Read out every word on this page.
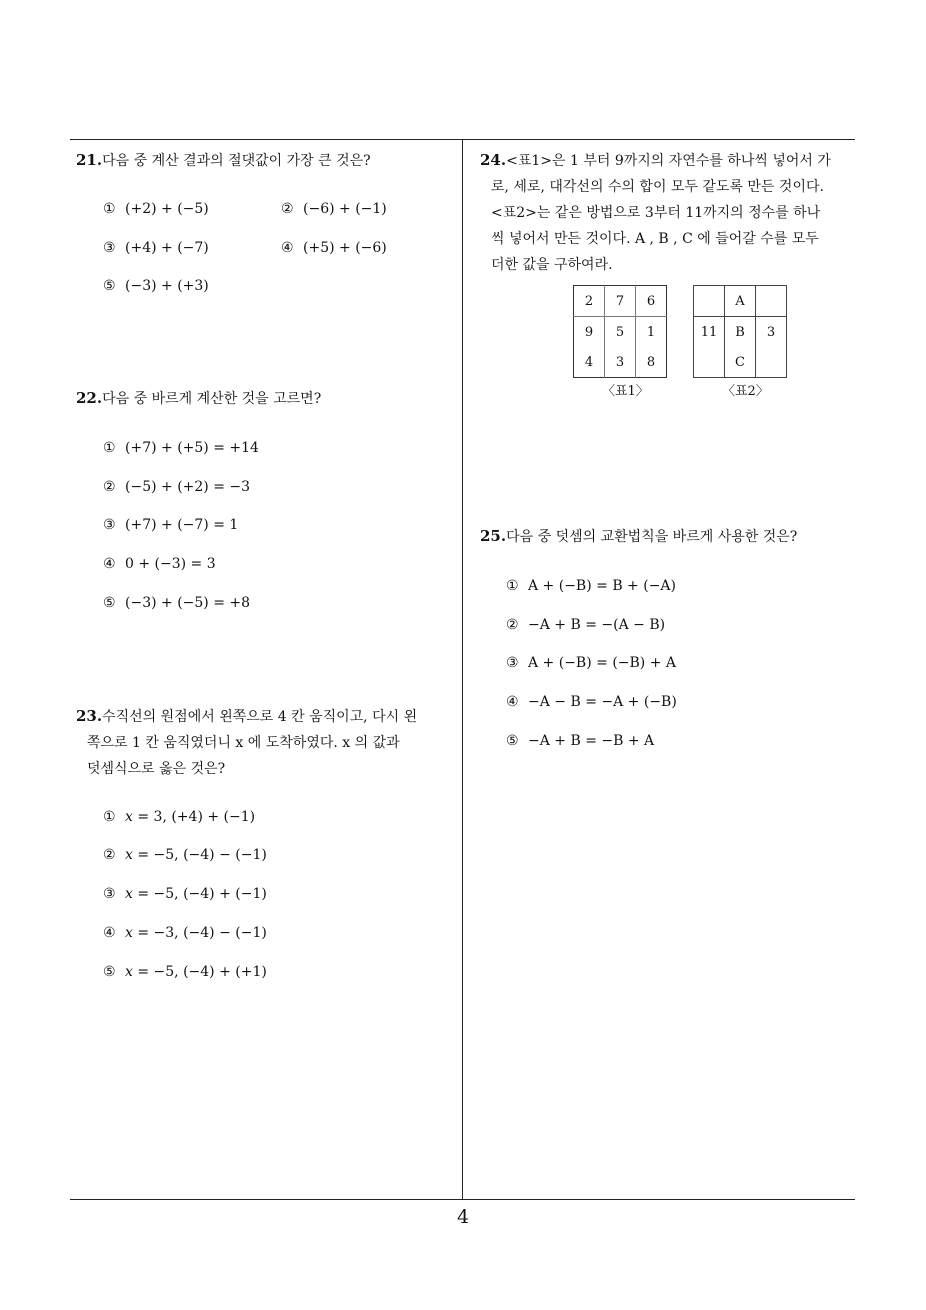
21.다음 중 계산 결과의 절댓값이 가장 큰 것은?
① (+2) + (−5)	② (−6) + (−1)
③ (+4) + (−7)	④ (+5) + (−6)
⑤ (−3) + (+3)
22.다음 중 바르게 계산한 것을 고르면?
① (+7) + (+5) = +14
② (−5) + (+2) = −3
③ (+7) + (−7) = 1
④ 0 + (−3) = 3
⑤ (−3) + (−5) = +8
23.수직선의 원점에서 왼쪽으로 4 칸 움직이고, 다시 왼
쪽으로 1 칸 움직였더니 x 에 도착하였다. x 의 값과
덧셈식으로 옳은 것은?
① x = 3, (+4) + (−1)
② x = −5, (−4) − (−1)
③ x = −5, (−4) + (−1)
④ x = −3, (−4) − (−1)
⑤ x = −5, (−4) + (+1)
24.<표1>은 1 부터 9까지의 자연수를 하나씩 넣어서 가
로, 세로, 대각선의 수의 합이 모두 같도록 만든 것이다.
<표2>는 같은 방법으로 3부터 11까지의 정수를 하나
씩 넣어서 만든 것이다. A , B , C 에 들어갈 수를 모두
더한 값을 구하여라.
2	7	6
9	5	1
4	3	8
〈표1〉
	A	
11	B	3
	C	
〈표2〉
25.다음 중 덧셈의 교환법칙을 바르게 사용한 것은?
① A + (−B) = B + (−A)
② −A + B = −(A − B)
③ A + (−B) = (−B) + A
④ −A − B = −A + (−B)
⑤ −A + B = −B + A
4
